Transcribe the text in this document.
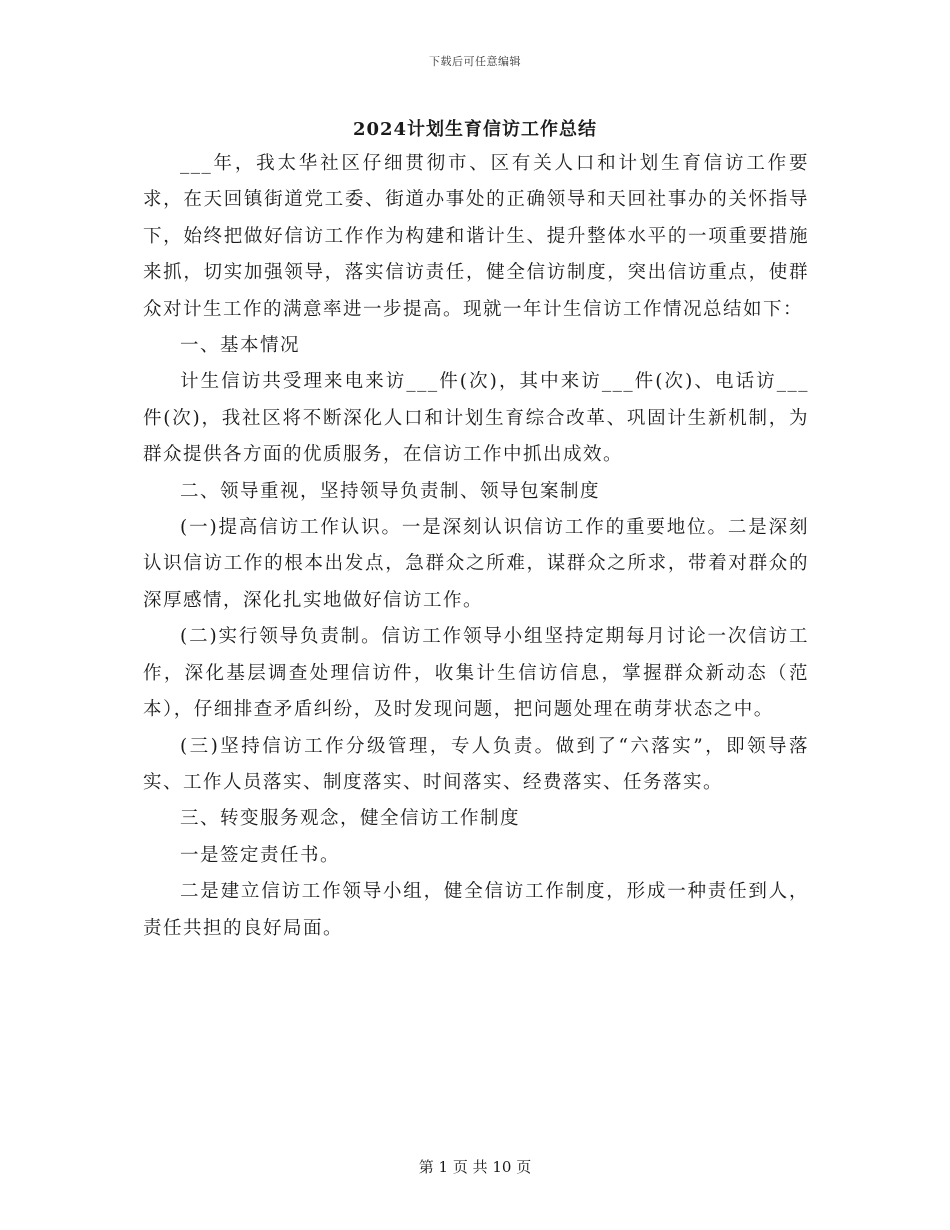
下载后可任意编辑
2024计划生育信访工作总结

___年，我太华社区仔细贯彻市、区有关人口和计划生育信访工作要求，在天回镇街道党工委、街道办事处的正确领导和天回社事办的关怀指导下，始终把做好信访工作作为构建和谐计生、提升整体水平的一项重要措施来抓，切实加强领导，落实信访责任，健全信访制度，突出信访重点，使群众对计生工作的满意率进一步提高。现就一年计生信访工作情况总结如下：

一、基本情况

计生信访共受理来电来访___件(次)，其中来访___件(次)、电话访___件(次)，我社区将不断深化人口和计划生育综合改革、巩固计生新机制，为群众提供各方面的优质服务，在信访工作中抓出成效。

二、领导重视，坚持领导负责制、领导包案制度

(一)提高信访工作认识。一是深刻认识信访工作的重要地位。二是深刻认识信访工作的根本出发点，急群众之所难，谋群众之所求，带着对群众的深厚感情，深化扎实地做好信访工作。

(二)实行领导负责制。信访工作领导小组坚持定期每月讨论一次信访工作，深化基层调查处理信访件，收集计生信访信息，掌握群众新动态（范本），仔细排查矛盾纠纷，及时发现问题，把问题处理在萌芽状态之中。

(三)坚持信访工作分级管理，专人负责。做到了“六落实”，即领导落实、工作人员落实、制度落实、时间落实、经费落实、任务落实。

三、转变服务观念，健全信访工作制度

一是签定责任书。

二是建立信访工作领导小组，健全信访工作制度，形成一种责任到人，责任共担的良好局面。

第 1 页 共 10 页
